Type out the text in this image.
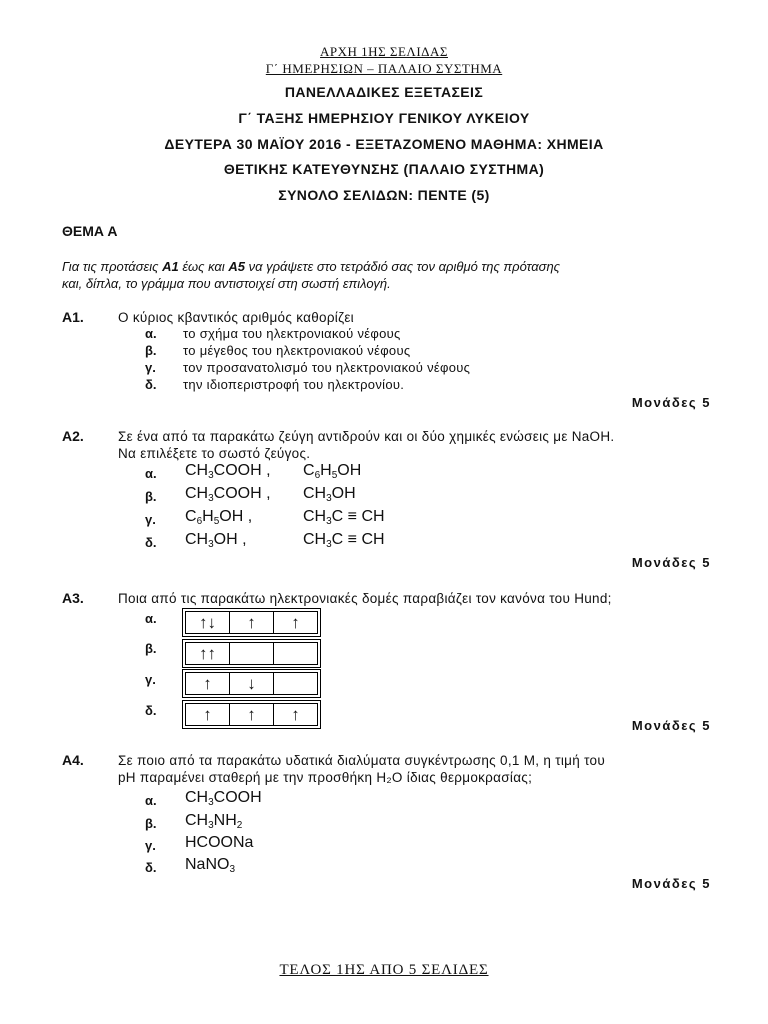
ΑΡΧΗ 1ΗΣ ΣΕΛΙΔΑΣ
Γ΄ ΗΜΕΡΗΣΙΩΝ – ΠΑΛΑΙΟ ΣΥΣΤΗΜΑ
ΠΑΝΕΛΛΑΔΙΚΕΣ ΕΞΕΤΑΣΕΙΣ
Γ΄ ΤΑΞΗΣ ΗΜΕΡΗΣΙΟΥ ΓΕΝΙΚΟΥ ΛΥΚΕΙΟΥ
ΔΕΥΤΕΡΑ 30 ΜΑΪΟΥ 2016 - ΕΞΕΤΑΖΟΜΕΝΟ ΜΑΘΗΜΑ: ΧΗΜΕΙΑ
ΘΕΤΙΚΗΣ ΚΑΤΕΥΘΥΝΣΗΣ (ΠΑΛΑΙΟ ΣΥΣΤΗΜΑ)
ΣΥΝΟΛΟ ΣΕΛΙΔΩΝ: ΠΕΝΤΕ (5)
ΘΕΜΑ Α
Για τις προτάσεις Α1 έως και Α5 να γράψετε στο τετράδιό σας τον αριθμό της πρότασης
και, δίπλα, το γράμμα που αντιστοιχεί στη σωστή επιλογή.
Α1.	Ο κύριος κβαντικός αριθμός καθορίζει
α. το σχήμα του ηλεκτρονιακού νέφους
β. το μέγεθος του ηλεκτρονιακού νέφους
γ. τον προσανατολισμό του ηλεκτρονιακού νέφους
δ. την ιδιοπεριστροφή του ηλεκτρονίου.
Μονάδες 5
Α2.	Σε ένα από τα παρακάτω ζεύγη αντιδρούν και οι δύο χημικές ενώσεις με NaOH.
Να επιλέξετε το σωστό ζεύγος.
α. $CH_3COOH$ , $C_6H_5OH$
β. $CH_3COOH$ , $CH_3OH$
γ. $C_6H_5OH$ ,	$CH_3C$ ≡ CH
δ. $CH_3OH$ ,	$CH_3C$ ≡ CH
Μονάδες 5
Α3.	Ποια από τις παρακάτω ηλεκτρονιακές δομές παραβιάζει τον κανόνα του Hund;
α.	↑↓	↑	↑
β.	↑↑
γ.	↑	↓
δ.	↑	↑	↑
Μονάδες 5
Α4.	Σε ποιο από τα παρακάτω υδατικά διαλύματα συγκέντρωσης 0,1 M, η τιμή του
pH παραμένει σταθερή με την προσθήκη H₂O ίδιας θερμοκρασίας;
α. $CH_3COOH$
β. $CH_3NH_2$
γ. HCOONa
δ. NaNO$_3$
Μονάδες 5
ΤΕΛΟΣ 1ΗΣ ΑΠΟ 5 ΣΕΛΙΔΕΣ
